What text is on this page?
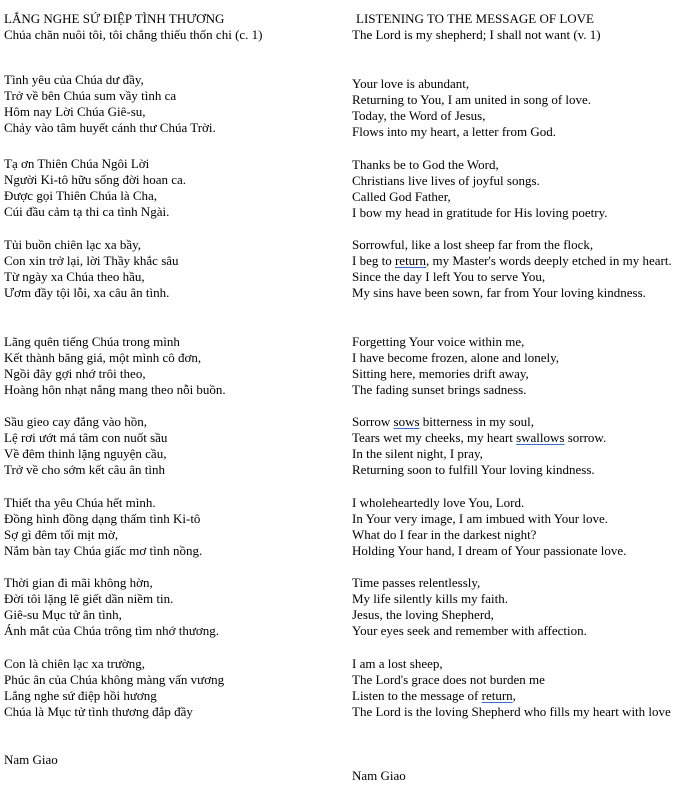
LẮNG NGHE SỨ ĐIỆP TÌNH THƯƠNG
Chúa chăn nuôi tôi, tôi chẳng thiếu thốn chi (c. 1)
Tình yêu của Chúa dư đầy,
Trở về bên Chúa sum vầy tình ca
Hôm nay Lời Chúa Giê-su,
Chảy vào tâm huyết cánh thư Chúa Trời.
Tạ ơn Thiên Chúa Ngôi Lời
Người Ki-tô hữu sống đời hoan ca.
Được gọi Thiên Chúa là Cha,
Cúi đầu cảm tạ thi ca tình Ngài.
Tủi buồn chiên lạc xa bầy,
Con xin trở lại, lời Thầy khắc sâu
Từ ngày xa Chúa theo hầu,
Ươm đầy tội lỗi, xa câu ân tình.
Lãng quên tiếng Chúa trong mình
Kết thành băng giá, một mình cô đơn,
Ngồi đây gợi nhớ trôi theo,
Hoàng hôn nhạt nắng mang theo nỗi buồn.
Sầu gieo cay đắng vào hồn,
Lệ rơi ướt má tâm con nuốt sầu
Về đêm thinh lặng nguyện cầu,
Trở về cho sớm kết câu ân tình
Thiết tha yêu Chúa hết mình.
Đồng hình đồng dạng thấm tình Ki-tô
Sợ gì đêm tối mịt mờ,
Nắm bàn tay Chúa giấc mơ tình nồng.
Thời gian đi mãi không hờn,
Đời tôi lặng lẽ giết dần niềm tin.
Giê-su Mục tử ân tình,
Ánh mắt của Chúa trông tìm nhớ thương.
Con là chiên lạc xa trường,
Phúc ân của Chúa không màng vấn vương
Lắng nghe sứ điệp hồi hương
Chúa là Mục tử tình thương đắp đầy
Nam Giao
LISTENING TO THE MESSAGE OF LOVE
The Lord is my shepherd; I shall not want (v. 1)
Your love is abundant,
Returning to You, I am united in song of love.
Today, the Word of Jesus,
Flows into my heart, a letter from God.
Thanks be to God the Word,
Christians live lives of joyful songs.
Called God Father,
I bow my head in gratitude for His loving poetry.
Sorrowful, like a lost sheep far from the flock,
I beg to return, my Master's words deeply etched in my heart.
Since the day I left You to serve You,
My sins have been sown, far from Your loving kindness.
Forgetting Your voice within me,
I have become frozen, alone and lonely,
Sitting here, memories drift away,
The fading sunset brings sadness.
Sorrow sows bitterness in my soul,
Tears wet my cheeks, my heart swallows sorrow.
In the silent night, I pray,
Returning soon to fulfill Your loving kindness.
I wholeheartedly love You, Lord.
In Your very image, I am imbued with Your love.
What do I fear in the darkest night?
Holding Your hand, I dream of Your passionate love.
Time passes relentlessly,
My life silently kills my faith.
Jesus, the loving Shepherd,
Your eyes seek and remember with affection.
I am a lost sheep,
The Lord's grace does not burden me
Listen to the message of return,
The Lord is the loving Shepherd who fills my heart with love
Nam Giao
